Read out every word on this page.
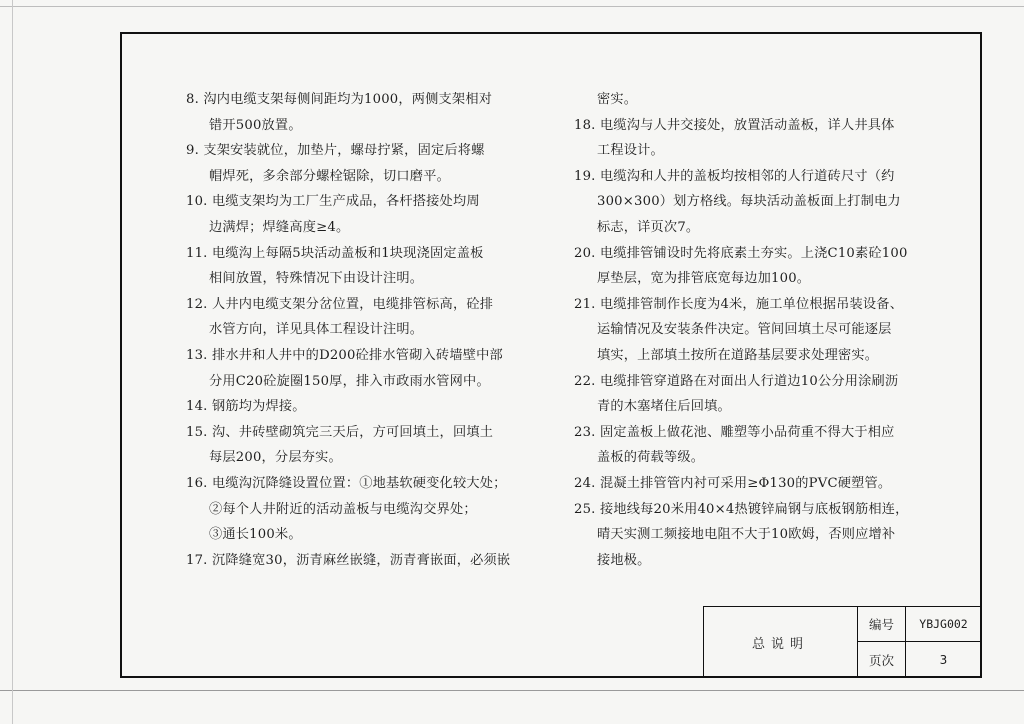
8. 沟内电缆支架每侧间距均为1000，两侧支架相对
错开500放置。
9. 支架安装就位，加垫片，螺母拧紧，固定后将螺
帽焊死，多余部分螺栓锯除，切口磨平。
10. 电缆支架均为工厂生产成品，各杆搭接处均周
边满焊；焊缝高度≥4。
11. 电缆沟上每隔5块活动盖板和1块现浇固定盖板
相间放置，特殊情况下由设计注明。
12. 人井内电缆支架分岔位置，电缆排管标高，砼排
水管方向，详见具体工程设计注明。
13. 排水井和人井中的D200砼排水管砌入砖墙壁中部
分用C20砼旋圈150厚，排入市政雨水管网中。
14. 钢筋均为焊接。
15. 沟、井砖壁砌筑完三天后，方可回填土，回填土
每层200，分层夯实。
16. 电缆沟沉降缝设置位置：①地基软硬变化较大处；
②每个人井附近的活动盖板与电缆沟交界处；
③通长100米。
17. 沉降缝宽30，沥青麻丝嵌缝，沥青膏嵌面，必须嵌
密实。
18. 电缆沟与人井交接处，放置活动盖板，详人井具体
工程设计。
19. 电缆沟和人井的盖板均按相邻的人行道砖尺寸（约
300×300）划方格线。每块活动盖板面上打制电力
标志，详页次7。
20. 电缆排管铺设时先将底素土夯实。上浇C10素砼100
厚垫层，宽为排管底宽每边加100。
21. 电缆排管制作长度为4米，施工单位根据吊装设备、
运输情况及安装条件决定。管间回填土尽可能逐层
填实，上部填土按所在道路基层要求处理密实。
22. 电缆排管穿道路在对面出人行道边10公分用涂刷沥
青的木塞堵住后回填。
23. 固定盖板上做花池、雕塑等小品荷重不得大于相应
盖板的荷载等级。
24. 混凝土排管管内衬可采用≥Φ130的PVC硬塑管。
25. 接地线每20米用40×4热镀锌扁钢与底板钢筋相连，
晴天实测工频接地电阻不大于10欧姆，否则应增补
接地极。
总说明
编号	YBJG002
页次	3
